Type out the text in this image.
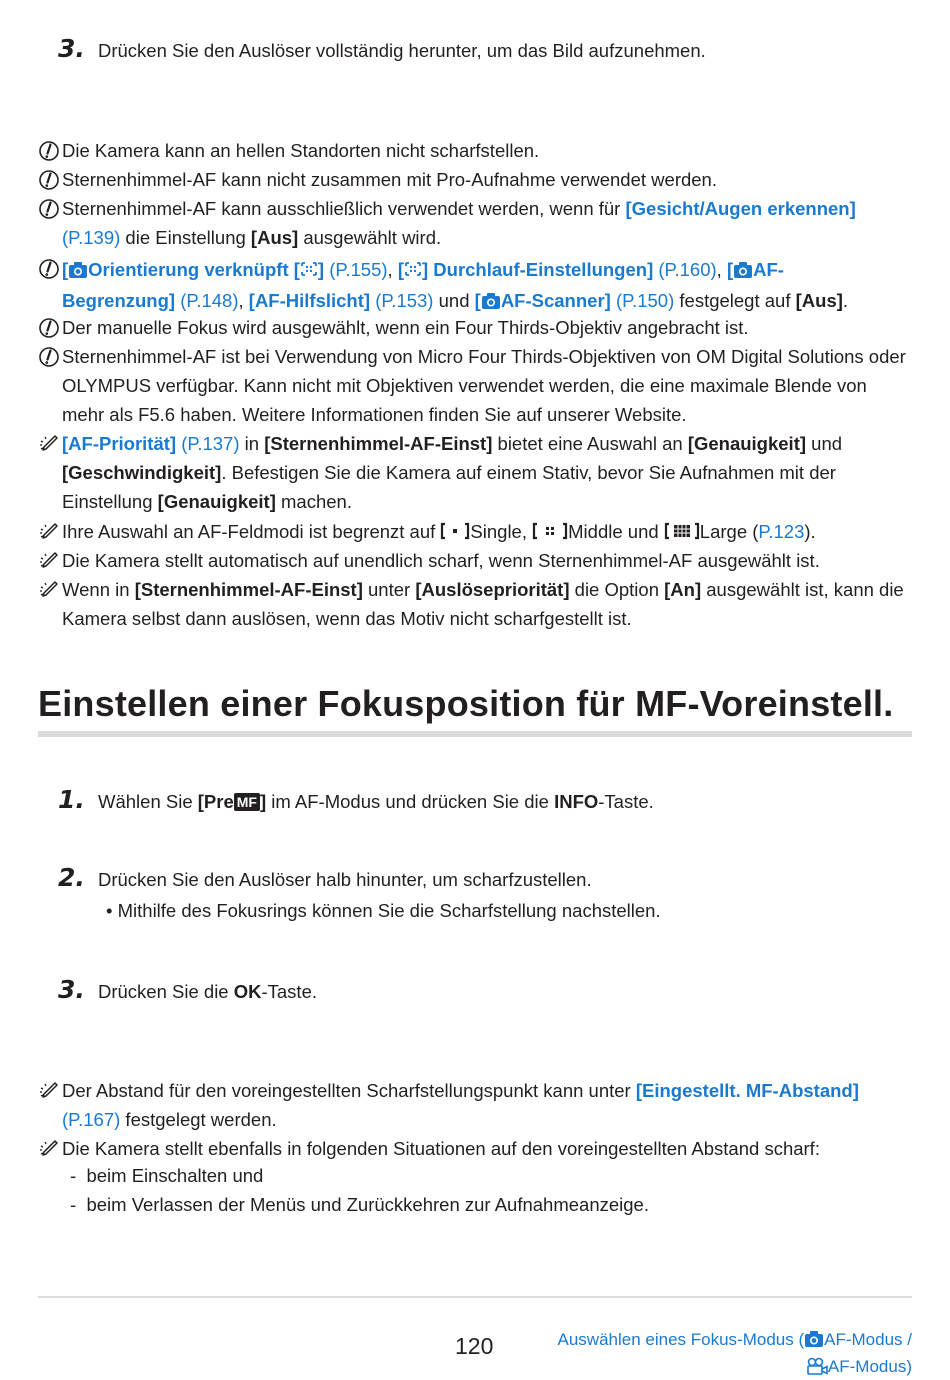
3. Drücken Sie den Auslöser vollständig herunter, um das Bild aufzunehmen.
Die Kamera kann an hellen Standorten nicht scharfstellen.
Sternenhimmel-AF kann nicht zusammen mit Pro-Aufnahme verwendet werden.
Sternenhimmel-AF kann ausschließlich verwendet werden, wenn für [Gesicht/Augen erkennen]
(P.139) die Einstellung [Aus] ausgewählt wird.
[ Orientierung verknüpft [ ] (P.155), [ ] Durchlauf-Einstellungen] (P.160), [ AF-
Begrenzung] (P.148), [AF-Hilfslicht] (P.153) und [ AF-Scanner] (P.150) festgelegt auf [Aus].
Der manuelle Fokus wird ausgewählt, wenn ein Four Thirds-Objektiv angebracht ist.
Sternenhimmel-AF ist bei Verwendung von Micro Four Thirds-Objektiven von OM Digital Solutions oder OLYMPUS verfügbar. Kann nicht mit Objektiven verwendet werden, die eine maximale Blende von mehr als F5.6 haben. Weitere Informationen finden Sie auf unserer Website.
[AF-Priorität] (P.137) in [Sternenhimmel-AF-Einst] bietet eine Auswahl an [Genauigkeit] und
[Geschwindigkeit]. Befestigen Sie die Kamera auf einem Stativ, bevor Sie Aufnahmen mit der Einstellung [Genauigkeit] machen.
Ihre Auswahl an AF-Feldmodi ist begrenzt auf Single, Middle und Large (P.123).
Die Kamera stellt automatisch auf unendlich scharf, wenn Sternenhimmel-AF ausgewählt ist.
Wenn in [Sternenhimmel-AF-Einst] unter [Auslösepriorität] die Option [An] ausgewählt ist, kann die Kamera selbst dann auslösen, wenn das Motiv nicht scharfgestellt ist.
Einstellen einer Fokusposition für MF-Voreinstell.
1. Wählen Sie [Pre MF ] im AF-Modus und drücken Sie die INFO-Taste.
2. Drücken Sie den Auslöser halb hinunter, um scharfzustellen.
• Mithilfe des Fokusrings können Sie die Scharfstellung nachstellen.
3. Drücken Sie die OK-Taste.
Der Abstand für den voreingestellten Scharfstellungspunkt kann unter [Eingestellt. MF-Abstand]
(P.167) festgelegt werden.
Die Kamera stellt ebenfalls in folgenden Situationen auf den voreingestellten Abstand scharf:
-  beim Einschalten und
-  beim Verlassen der Menüs und Zurückkehren zur Aufnahmeanzeige.
120	Auswählen eines Fokus-Modus ( AF-Modus /
AF-Modus)
